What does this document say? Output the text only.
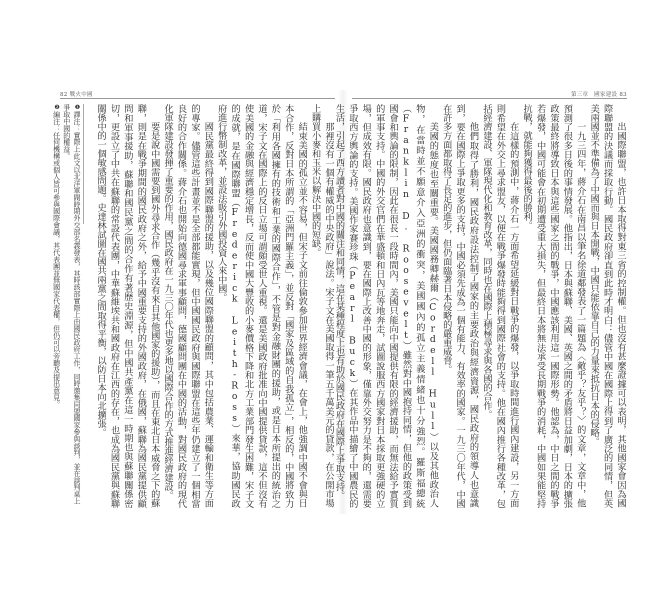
82 戰火中國

那裡沒有一個有權威的中央政府」說法。宋子文在美國取得一筆五千萬美元的貸款，在公開市場上購買小麥和玉米以解決中國的短缺。

結束美國的孤立並不容易，但宋子文前往倫敦參加世界經濟會議，在會上，他強調中國不會與日本合作，反對日本所謂的「亞洲門羅主義」，並反對「國家及區域的自我孤立」，相反的，中國將致力於「利用各國擁有的技術和工業的國際合作」，不管是對金融財團的援助，或是日本所提出的統治之道，宋子文在國際上的反日立場可謂頗受世人重視。還是美國政府批准向中國提供貸款，這不但沒有使美國的金融與經濟穩定增長，反而使中國大豐收的小麥價格下降和北方工業部門發生困難，宋子文的成就，是在國際聯盟（Frederick Leith-Ross）來華，協助國民政府進行幣制改革，並設法吸引外國投資人來中國。

國民黨最終得到國際聯盟的援助，以及幾位國際聯盟的顧問，其中包括農業、運輸和衛生等方面的專家。儘管這些計畫並不是全部都能實現，但中國國民政府與國際聯盟在這些年仍建立了一個相當良好的合作關係。蔣介石也開始向德國尋求軍事顧問，德國顧問團在中國的活動，對國民政府的現代化軍隊建設發揮了重要的作用，國民政府在一九三〇年代也更多地以國際合作的方式推進經濟建設。

要是說中國需要到國外尋求合作（幾乎沒有來自其他國家的援助），而且在東北日本威脅之下的蘇聯，則是在戰爭期間的國民政府之外，給予中國重要支持的外國政府，在俄國，蘇聯為國民黨提供顧問和軍事援助，蘇聯和國民黨之間的合作有著歷史淵源，但中國共產黨在這一時期也與蘇聯關係密切，更設立了中共在蘇聯的常設代表團，中華蘇維埃共和國政府在江西的存在，也成為國民黨與蘇聯關係中的一個敏感問題。史達林試圖在國共兩黨之間取得平衡，以防日本向北擴張。

❶譯注：實際上此文以北洋軍閥時期外交部名義發表，其時該部實際上由國民政府工作，同時邀集同盟國家參與談判，並在談判桌上爭取中國的權益。

❷編注：任何機構或個人皆可參與國際會議，其代表團並無國家代表權，但仍可以旁聽及提出意見。

第三章　國家建設 83

出國際聯盟，也許日本取得對東三省的控制權。但也沒有甚麼證據可以表明，其他國家會因為國際聯盟的決議而採取行動。國民政府卻直到此時才明白：儘管中國在國際上得到了廣泛的同情，但英美兩國並不準備為了中國而與日本開戰，中國只能依靠自己的力量來抵抗日本的侵略。

一九三四年，蔣介石在南昌以筆名徐道鄰發表了一篇題為〈敵乎？友乎？〉的文章，文章中，他預測了很多日後的事情發展。他指出，日本與蘇聯、美國、英國之間的矛盾將日益加劇，日本的擴張政策最終將導致日本與這些國家之間的戰爭，中國應該利用這一國際形勢。他認為，中日之間的戰爭若爆發，中國可能會在初期遭受重大損失，但最終日本將無法承受長期戰爭的消耗，中國如果能堅持抗戰，就能夠獲得最後的勝利。

在這樣的預測中，蔣介石一方面希望延緩對日戰爭的爆發，以爭取時間進行國內建設，另一方面則希望在外交上尋求盟友，以便在戰爭爆發時能夠得到國際社會的支持。他在國內推行各種改革，包括經濟建設、軍隊現代化和教育改革，同時也在國際上積極尋求與各國的合作。

他們取得了勝利，國民政府設法控制了國家的主要政治與經濟資源，國民政府的領導人也意識到，要在國際上爭取更多的支持，中國必須先成為一個有能力、有效率的國家。一九三〇年代，中國在許多方面都取得了長足的進步，但仍面臨著日本侵略的嚴重威脅。

美國的態度也至關重要。美國國務卿赫爾（Cordell Hull）以及其他政治人物，在當時並不願意介入亞洲的衝突，美國國內的孤立主義情緒也十分強烈。羅斯福總統（Franklin D. Roosevelt）雖然對中國抱持同情，但他的政策受到國會和輿論的限制，因此在很長一段時間內，美國只能向中國提供有限的經濟援助，而無法給予實質的軍事支持。中國的外交官們在華盛頓和日內瓦等地奔走，試圖說服西方國家對日本採取更強硬的立場，但成效有限。國民政府也意識到，要在國際上改善中國的形象，僅靠外交努力是不夠的，還需要爭取西方輿論的支持。美國作家賽珍珠（Pearl Buck）在其作品中描繪了中國農民的生活，引起了西方讀者對中國的關注和同情，這在某種程度上也有助於國民政府在國際上爭取支持。
